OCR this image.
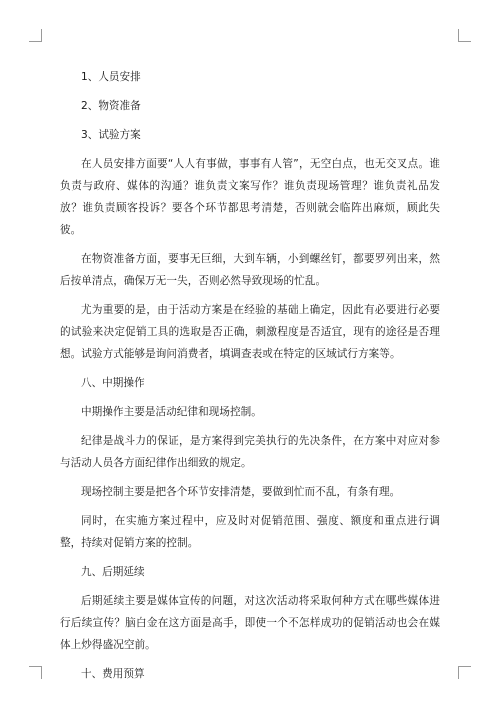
1、人员安排
2、物资准备
3、试验方案
在人员安排方面要“人人有事做，事事有人管”，无空白点，也无交叉点。谁负责与政府、媒体的沟通？谁负责文案写作？谁负责现场管理？谁负责礼品发放？谁负责顾客投诉？要各个环节都思考清楚，否则就会临阵出麻烦，顾此失彼。
在物资准备方面，要事无巨细，大到车辆，小到螺丝钉，都要罗列出来，然后按单清点，确保万无一失，否则必然导致现场的忙乱。
尤为重要的是，由于活动方案是在经验的基础上确定，因此有必要进行必要的试验来决定促销工具的选取是否正确，刺激程度是否适宜，现有的途径是否理想。试验方式能够是询问消费者，填调查表或在特定的区域试行方案等。
八、中期操作
中期操作主要是活动纪律和现场控制。
纪律是战斗力的保证，是方案得到完美执行的先决条件，在方案中对应对参与活动人员各方面纪律作出细致的规定。
现场控制主要是把各个环节安排清楚，要做到忙而不乱，有条有理。
同时，在实施方案过程中，应及时对促销范围、强度、额度和重点进行调整，持续对促销方案的控制。
九、后期延续
后期延续主要是媒体宣传的问题，对这次活动将采取何种方式在哪些媒体进行后续宣传？脑白金在这方面是高手，即使一个不怎样成功的促销活动也会在媒体上炒得盛况空前。
十、费用预算
